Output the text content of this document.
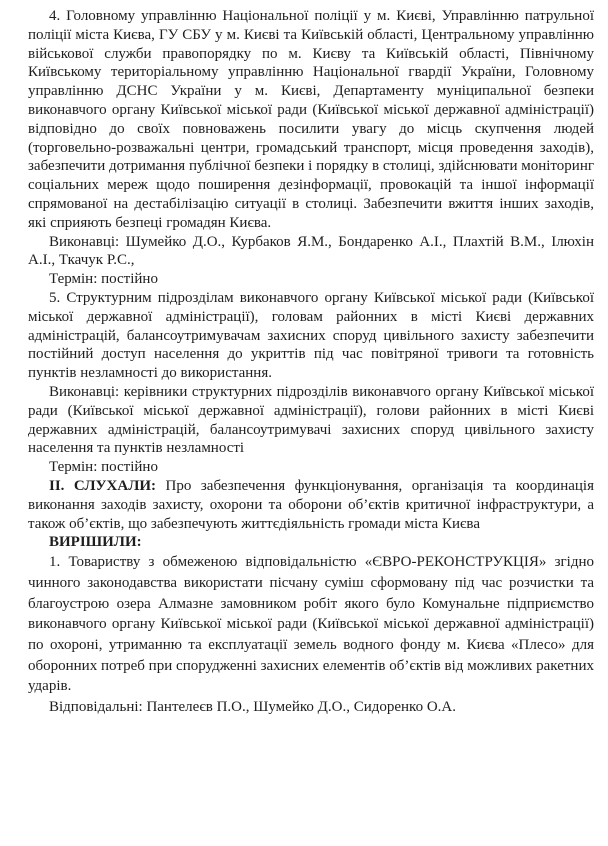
4. Головному управлінню Національної поліції у м. Києві, Управлінню патрульної поліції міста Києва, ГУ СБУ у м. Києві та Київській області, Центральному управлінню військової служби правопорядку по м. Києву та Київській області, Північному Київському територіальному управлінню Національної гвардії України, Головному управлінню ДСНС України у м. Києві, Департаменту муніципальної безпеки виконавчого органу Київської міської ради (Київської міської державної адміністрації) відповідно до своїх повноважень посилити увагу до місць скупчення людей (торговельно-розважальні центри, громадський транспорт, місця проведення заходів), забезпечити дотримання публічної безпеки і порядку в столиці, здійснювати моніторинг соціальних мереж щодо поширення дезінформації, провокацій та іншої інформації спрямованої на дестабілізацію ситуації в столиці. Забезпечити вжиття інших заходів, які сприяють безпеці громадян Києва.

Виконавці: Шумейко Д.О., Курбаков Я.М., Бондаренко А.І., Плахтій В.М., Ілюхін А.І., Ткачук Р.С.,

Термін: постійно

5. Структурним підрозділам виконавчого органу Київської міської ради (Київської міської державної адміністрації), головам районних в місті Києві державних адміністрацій, балансоутримувачам захисних споруд цивільного захисту забезпечити постійний доступ населення до укриттів під час повітряної тривоги та готовність пунктів незламності до використання.

Виконавці: керівники структурних підрозділів виконавчого органу Київської міської ради (Київської міської державної адміністрації), голови районних в місті Києві державних адміністрацій, балансоутримувачі захисних споруд цивільного захисту населення та пунктів незламності

Термін: постійно

ІІ. СЛУХАЛИ: Про забезпечення функціонування, організація та координація виконання заходів захисту, охорони та оборони об’єктів критичної інфраструктури, а також об’єктів, що забезпечують життєдіяльність громади міста Києва

ВИРІШИЛИ:

1. Товариству з обмеженою відповідальністю «ЄВРО-РЕКОНСТРУКЦІЯ» згідно чинного законодавства використати пісчану суміш сформовану під час розчистки та благоустрою озера Алмазне замовником робіт якого було Комунальне підприємство виконавчого органу Київської міської ради (Київської міської державної адміністрації) по охороні, утриманню та експлуатації земель водного фонду м. Києва «Плесо» для оборонних потреб при спорудженні захисних елементів об’єктів від можливих ракетних ударів.

Відповідальні: Пантелеєв П.О., Шумейко Д.О., Сидоренко О.А.
